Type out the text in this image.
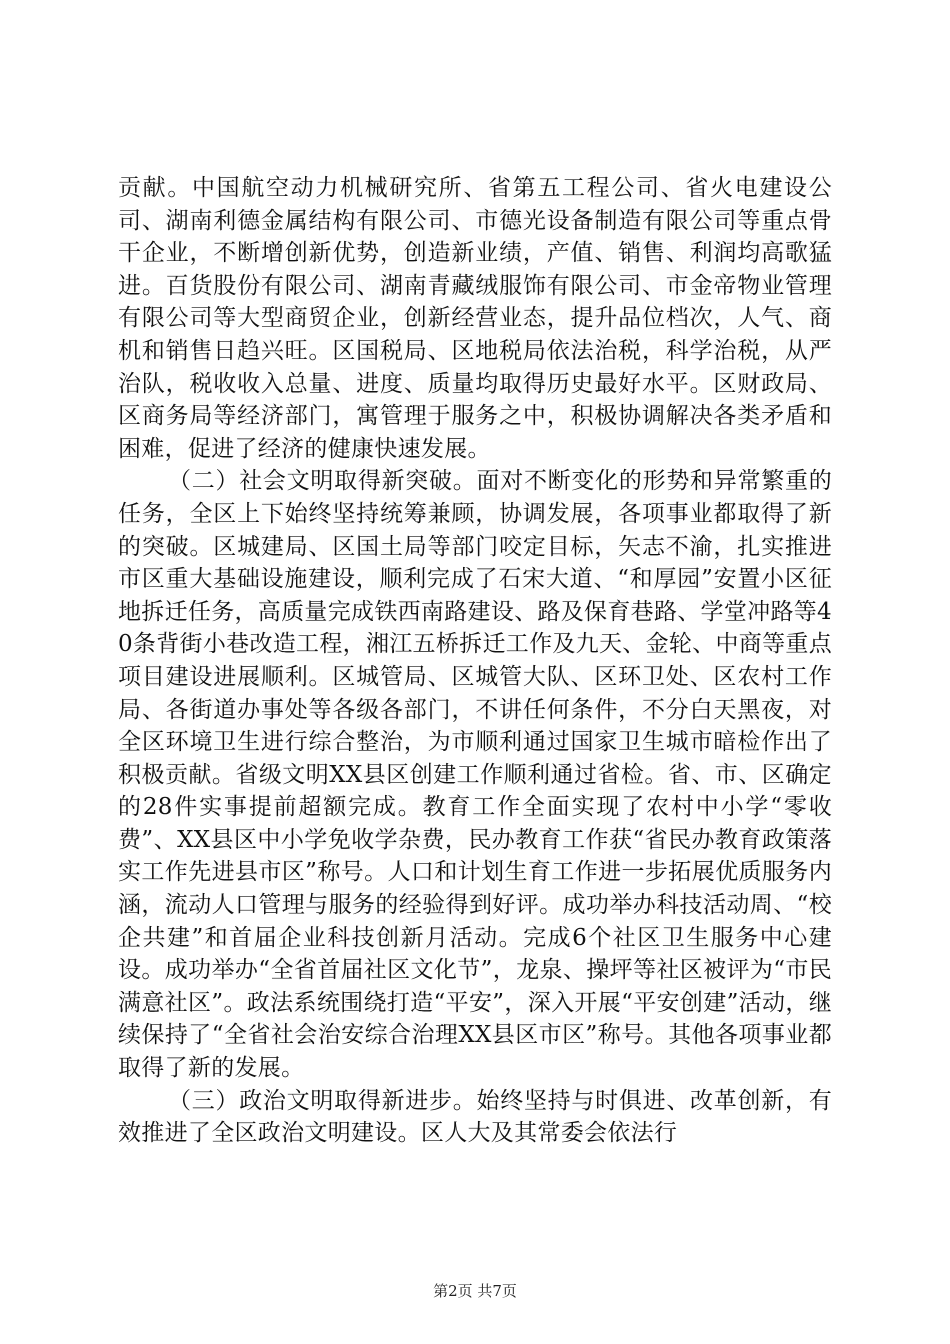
贡献。中国航空动力机械研究所、省第五工程公司、省火电建设公司、湖南利德金属结构有限公司、市德光设备制造有限公司等重点骨干企业，不断增创新优势，创造新业绩，产值、销售、利润均高歌猛进。百货股份有限公司、湖南青藏绒服饰有限公司、市金帝物业管理有限公司等大型商贸企业，创新经营业态，提升品位档次，人气、商机和销售日趋兴旺。区国税局、区地税局依法治税，科学治税，从严治队，税收收入总量、进度、质量均取得历史最好水平。区财政局、区商务局等经济部门，寓管理于服务之中，积极协调解决各类矛盾和困难，促进了经济的健康快速发展。

（二）社会文明取得新突破。面对不断变化的形势和异常繁重的任务，全区上下始终坚持统筹兼顾，协调发展，各项事业都取得了新的突破。区城建局、区国土局等部门咬定目标，矢志不渝，扎实推进市区重大基础设施建设，顺利完成了石宋大道、“和厚园”安置小区征地拆迁任务，高质量完成铁西南路建设、路及保育巷路、学堂冲路等40条背街小巷改造工程，湘江五桥拆迁工作及九天、金轮、中商等重点项目建设进展顺利。区城管局、区城管大队、区环卫处、区农村工作局、各街道办事处等各级各部门，不讲任何条件，不分白天黑夜，对全区环境卫生进行综合整治，为市顺利通过国家卫生城市暗检作出了积极贡献。省级文明XX县区创建工作顺利通过省检。省、市、区确定的28件实事提前超额完成。教育工作全面实现了农村中小学“零收费”、XX县区中小学免收学杂费，民办教育工作获“省民办教育政策落实工作先进县市区”称号。人口和计划生育工作进一步拓展优质服务内涵，流动人口管理与服务的经验得到好评。成功举办科技活动周、“校企共建”和首届企业科技创新月活动。完成6个社区卫生服务中心建设。成功举办“全省首届社区文化节”，龙泉、操坪等社区被评为“市民满意社区”。政法系统围绕打造“平安”，深入开展“平安创建”活动，继续保持了“全省社会治安综合治理XX县区市区”称号。其他各项事业都取得了新的发展。

（三）政治文明取得新进步。始终坚持与时俱进、改革创新，有效推进了全区政治文明建设。区人大及其常委会依法行

第2页 共7页
